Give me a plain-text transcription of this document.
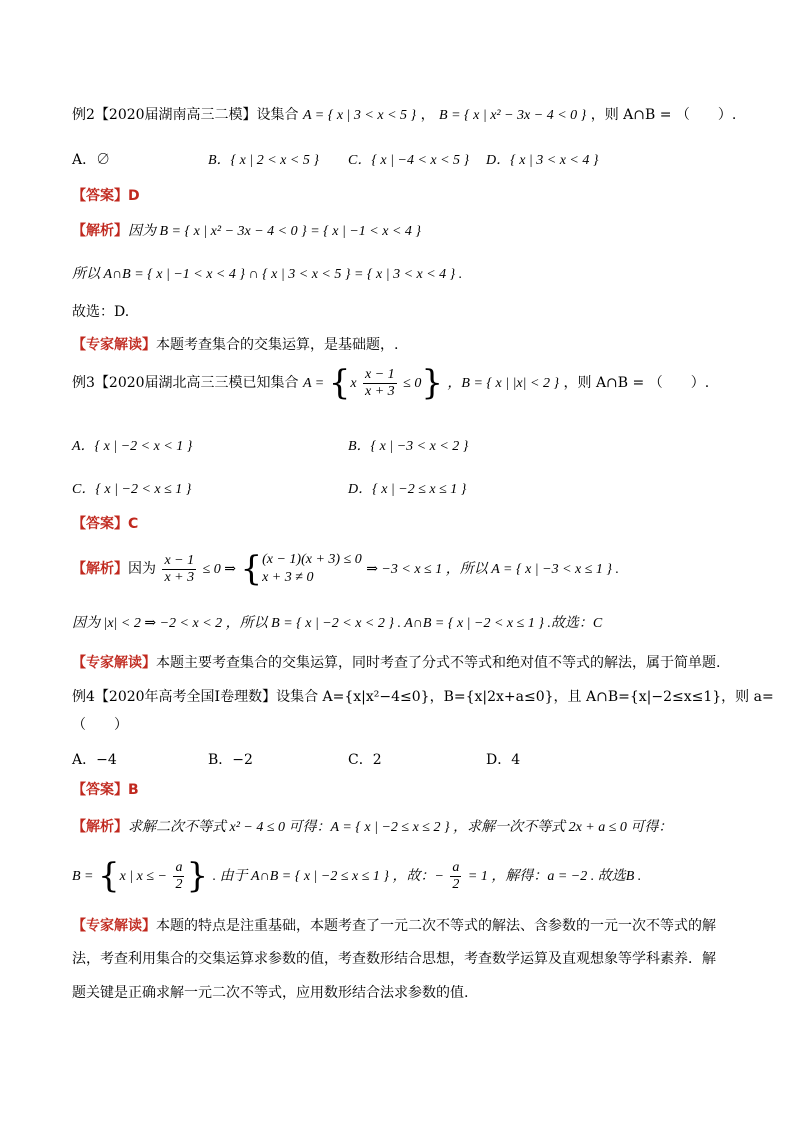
例2【2020届湖南高三二模】设集合 A = { x | 3 < x < 5 } ， B = { x | x² − 3x − 4 < 0 } ，则 A∩B = （　　）.
A．∅	B．{ x | 2 < x < 5 } C．{ x | −4 < x < 5 } D．{ x | 3 < x < 4 }
【答案】D
【解析】因为 B = { x | x² − 3x − 4 < 0 } = { x | −1 < x < 4 }
所以 A∩B = { x | −1 < x < 4 } ∩ { x | 3 < x < 5 } = { x | 3 < x < 4 } .
故选：D.
【专家解读】本题考查集合的交集运算，是基础题，.
例3【2020届湖北高三三模已知集合 $A = \{x \frac{x - 1}{x + 3} \le 0\}$ ，B = { x | |x| < 2 } ，则 A∩B = （　　）.
A．{ x | −2 < x < 1 }	B．{ x | −3 < x < 2 }
C．{ x | −2 < x ≤ 1 }	D．{ x | −2 ≤ x ≤ 1 }
【答案】C
【解析】因为 $\frac{x - 1}{x + 3} \le 0$ ⇒ { (x − 1)(x + 3) ≤ 0
x + 3 ≠ 0
⇒ −3 < x ≤ 1 ，所以 A = { x | −3 < x ≤ 1 } .
因为 |x| < 2 ⇒ −2 < x < 2 ，所以 B = { x | −2 < x < 2 } . A∩B = { x | −2 < x ≤ 1 } .故选：C
【专家解读】本题主要考查集合的交集运算，同时考查了分式不等式和绝对值不等式的解法，属于简单题.
例4【2020年高考全国Ⅰ卷理数】设集合 A={x|x²−4≤0}，B={x|2x+a≤0}，且 A∩B={x|−2≤x≤1}，则 a=
（　　）
A．−4	B．−2	C．2	D．4
【答案】B
【解析】求解二次不等式 x² − 4 ≤ 0 可得：A = { x | −2 ≤ x ≤ 2 } ，求解一次不等式 2x + a ≤ 0 可得：
B = {x | x ≤ − $\frac{a}{2}$ } . 由于 A∩B = { x | −2 ≤ x ≤ 1 } ，故：− $\frac{a}{2} = 1$ ，解得：a = −2 . 故选B .
【专家解读】本题的特点是注重基础，本题考查了一元二次不等式的解法、含参数的一元一次不等式的解
法，考查利用集合的交集运算求参数的值，考查数形结合思想，考查数学运算及直观想象等学科素养．解
题关键是正确求解一元二次不等式，应用数形结合法求参数的值.
